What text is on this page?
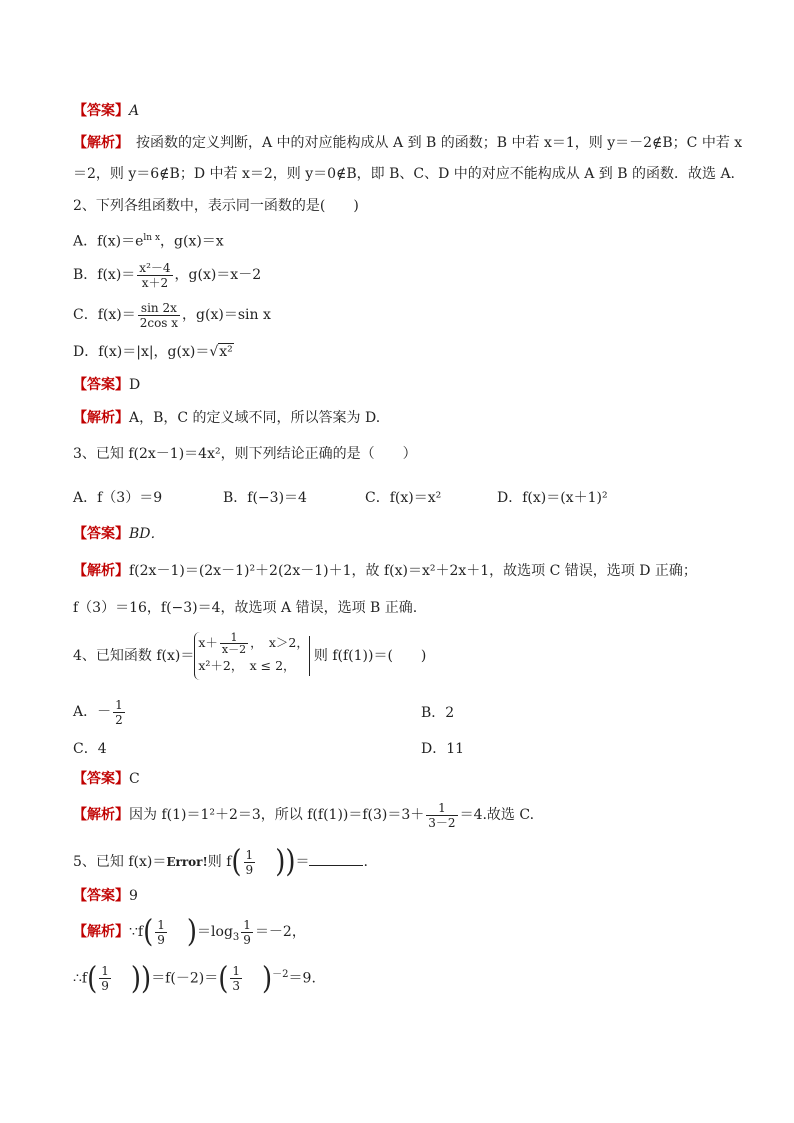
【答案】A
【解析】　按函数的定义判断，A 中的对应能构成从 A 到 B 的函数；B 中若 x＝1，则 y＝－2∉B；C 中若 x
＝2，则 y＝6∉B；D 中若 x＝2，则 y＝0∉B，即 B、C、D 中的对应不能构成从 A 到 B 的函数．故选 A.
2、下列各组函数中，表示同一函数的是(　　)
A．$f(x)=e^{ln x}$，g(x)＝x
B．$f(x)= \frac{\text{x²－4}}{x+2}$ ，g(x)＝x－2
C．$f(x)= \frac{\sin 2x}{\text{2cos x}}$ ，g(x)＝sin x
D．f(x)＝|x|，g(x)＝√x²
【答案】D
【解析】A，B，C 的定义域不同，所以答案为 D.
3、已知 f(2x－1)＝4x²，则下列结论正确的是（　　）
A．f（3）＝9	B．f(−3)＝4	C．f(x)＝x²	D．f(x)＝(x＋1)²
【答案】BD．
【解析】f(2x－1)＝(2x－1)²＋2(2x－1)＋1，故 f(x)＝x²＋2x＋1，故选项 C 错误，选项 D 正确；
f（3）＝16，f(−3)＝4，故选项 A 错误，选项 B 正确.
4、已知函数 f(x)＝
$x+ \frac{1}{x-2}$ ，　x＞2，
x²＋2，　x ≤ 2，
则 f(f(1))＝(　　)
A．－ $\frac{1}{2}$	B．2
C．4	D．11
【答案】C
【解析】因为 f(1)＝1²＋2＝3，所以 $f(f(1))=f(3)=3+ \frac{1}{3-2} =4$.故选 C.
5、已知 f(x)＝Error!则 $f( \frac{1}{9}$ ))＝	.
【答案】9
【解析】∵f( $\frac{1}{9} )=\log_3 \frac{1}{9} =-2$，
∴f( $\frac{1}{9} ))=f(-2)=( \frac{1}{3} )^{-2}=9$.
